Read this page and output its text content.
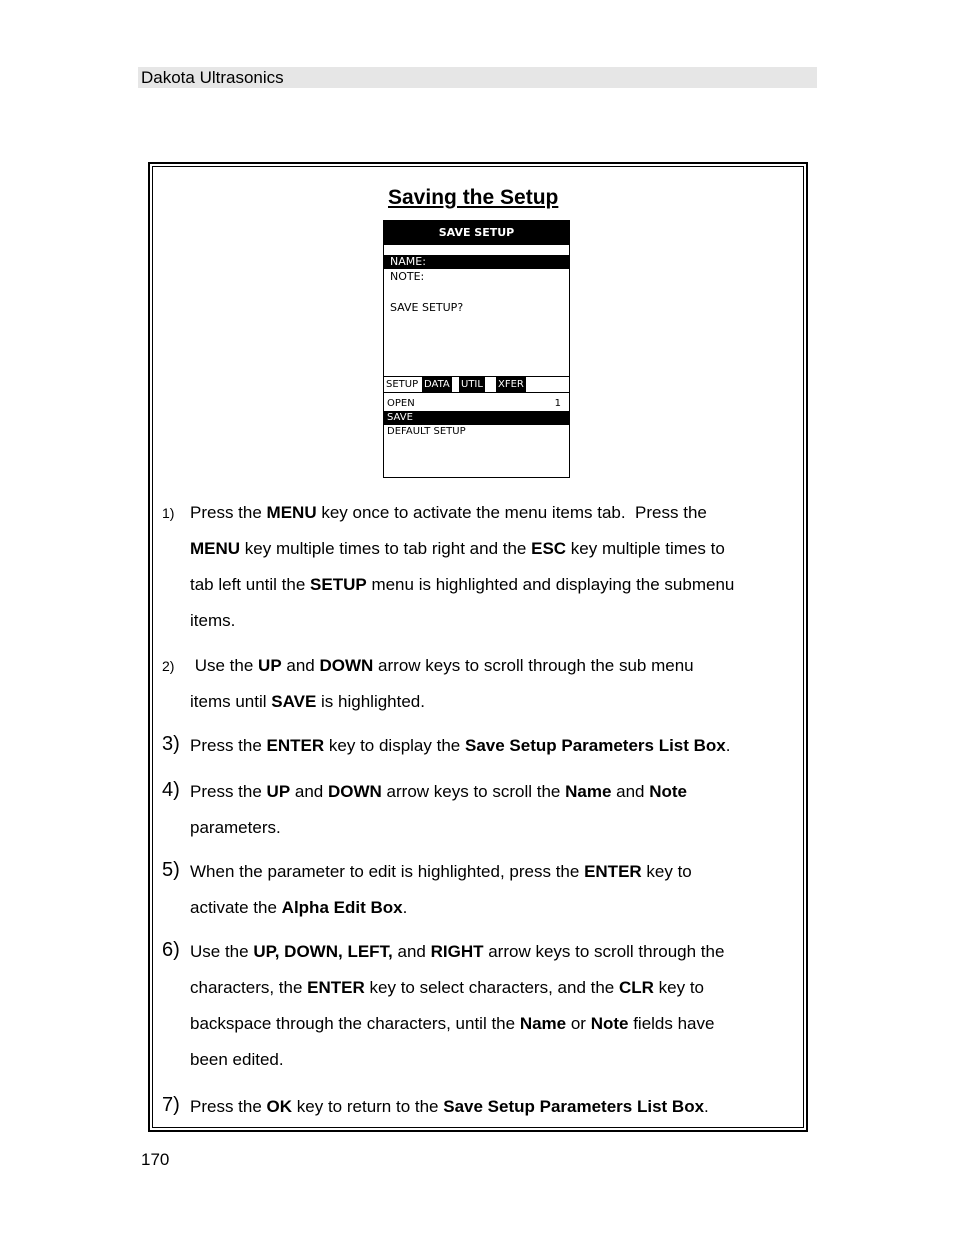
Dakota Ultrasonics
Saving the Setup
SAVE SETUP
NAME:
NOTE:
SAVE SETUP?
SETUP DATA UTIL XFER
OPEN	1
SAVE
DEFAULT SETUP
1) Press the MENU key once to activate the menu items tab.  Press the
MENU key multiple times to tab right and the ESC key multiple times to
tab left until the SETUP menu is highlighted and displaying the submenu
items.
2) Use the UP and DOWN arrow keys to scroll through the sub menu
items until SAVE is highlighted.
3) Press the ENTER key to display the Save Setup Parameters List Box.
4) Press the UP and DOWN arrow keys to scroll the Name and Note
parameters.
5) When the parameter to edit is highlighted, press the ENTER key to
activate the Alpha Edit Box.
6) Use the UP, DOWN, LEFT, and RIGHT arrow keys to scroll through the
characters, the ENTER key to select characters, and the CLR key to
backspace through the characters, until the Name or Note fields have
been edited.
7) Press the OK key to return to the Save Setup Parameters List Box.
170
